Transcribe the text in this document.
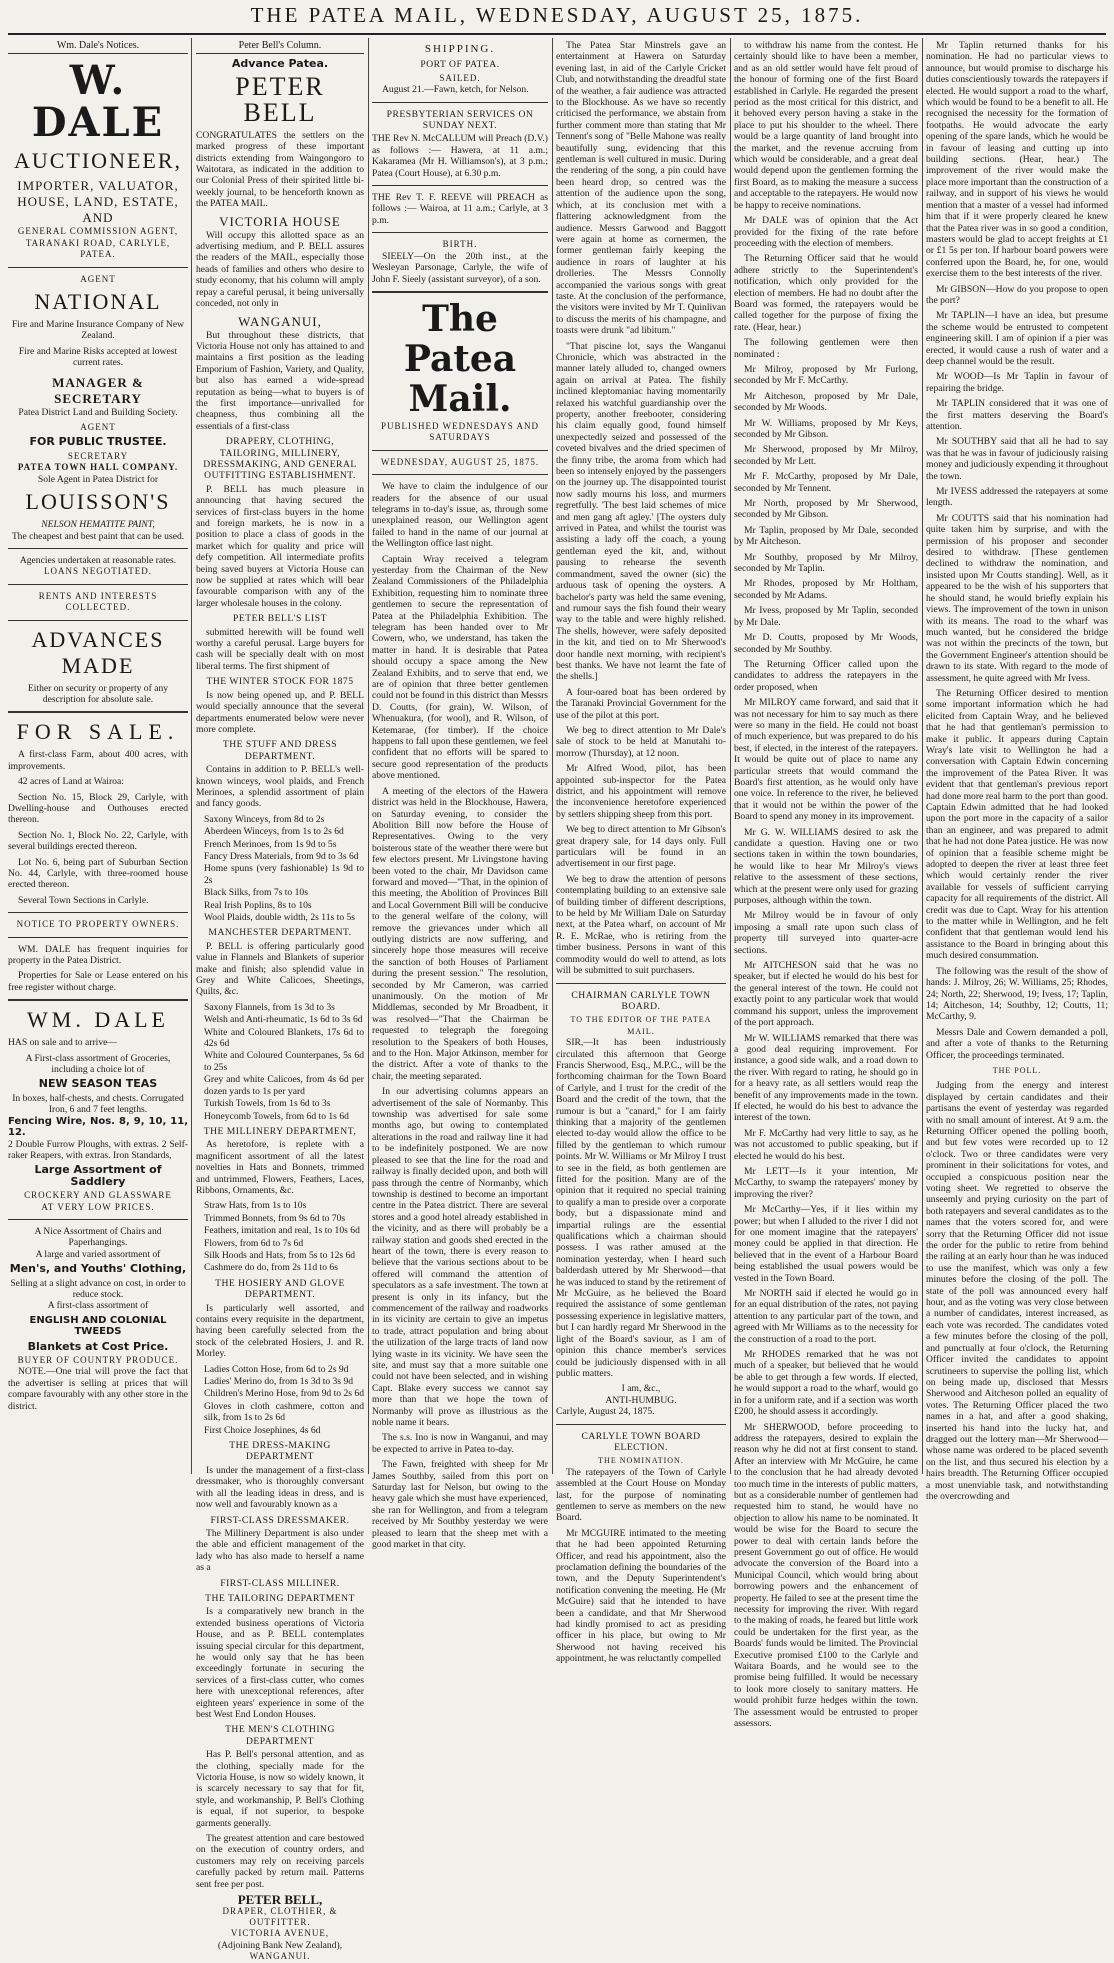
THE PATEA MAIL, WEDNESDAY, AUGUST 25, 1875.
Wm. Dale's Notices.
W. DALE
AUCTIONEER,
IMPORTER, VALUATOR,
HOUSE, LAND, ESTATE, AND
GENERAL COMMISSION AGENT,
TARANAKI ROAD, CARLYLE, PATEA.
AGENT
NATIONAL
Fire and Marine Insurance Company of New Zealand.
Fire and Marine Risks accepted at lowest current rates.
MANAGER & SECRETARY
Patea District Land and Building Society.
AGENT
FOR PUBLIC TRUSTEE.
SECRETARY
PATEA TOWN HALL COMPANY.
Sole Agent in Patea District for
LOUISSON'S
NELSON HEMATITE PAINT,
The cheapest and best paint that can be used.
Agencies undertaken at reasonable rates.
LOANS NEGOTIATED.
RENTS AND INTERESTS COLLECTED.
ADVANCES MADE
Either on security or property of any description for absolute sale.
FOR SALE.

A first-class Farm, about 400 acres, with improvements.

42 acres of Land at Wairoa:

Section No. 15, Block 29, Carlyle, with Dwelling-house and Outhouses erected thereon.

Section No. 1, Block No. 22, Carlyle, with several buildings erected thereon.

Lot No. 6, being part of Suburban Section No. 44, Carlyle, with three-roomed house erected thereon.

Several Town Sections in Carlyle.

NOTICE TO PROPERTY OWNERS.

WM. DALE has frequent inquiries for property in the Patea District.

Properties for Sale or Lease entered on his free register without charge.

WM. DALE

HAS on sale and to arrive—

A First-class assortment of Groceries, including a choice lot of
NEW SEASON TEAS
In boxes, half-chests, and chests. Corrugated Iron, 6 and 7 feet lengths.
Fencing Wire, Nos. 8, 9, 10, 11, 12.
2 Double Furrow Ploughs, with extras. 2 Self-raker Reapers, with extras. Iron Standards,
Large Assortment of Saddlery
CROCKERY AND GLASSWARE
AT VERY LOW PRICES.
A Nice Assortment of Chairs and Paperhangings.
A large and varied assortment of
Men's, and Youths' Clothing,
Selling at a slight advance on cost, in order to reduce stock.
A first-class assortment of
ENGLISH AND COLONIAL TWEEDS
Blankets at Cost Price.
BUYER OF COUNTRY PRODUCE.

NOTE.—One trial will prove the fact that the advertiser is selling at prices that will compare favourably with any other store in the district.

Peter Bell's Column.
Advance Patea.
PETER BELL

CONGRATULATES the settlers on the marked progress of these important districts extending from Waingongoro to Waitotara, as indicated in the addition to our Colonial Press of their spirited little bi-weekly journal, to be henceforth known as the PATEA MAIL.

VICTORIA HOUSE

Will occupy this allotted space as an advertising medium, and P. BELL assures the readers of the MAIL, especially those heads of families and others who desire to study economy, that his column will amply repay a careful perusal, it being universally conceded, not only in

WANGANUI,

But throughout these districts, that Victoria House not only has attained to and maintains a first position as the leading Emporium of Fashion, Variety, and Quality, but also has earned a wide-spread reputation as being—what to buyers is of the first importance—unrivalled for cheapness, thus combining all the essentials of a first-class

DRAPERY, CLOTHING, TAILORING, MILLINERY, DRESSMAKING, AND GENERAL OUTFITTING ESTABLISHMENT.

P. BELL has much pleasure in announcing that having secured the services of first-class buyers in the home and foreign markets, he is now in a position to place a class of goods in the market which for quality and price will defy competition. All intermediate profits being saved buyers at Victoria House can now be supplied at rates which will bear favourable comparison with any of the larger wholesale houses in the colony.

PETER BELL'S LIST

submitted herewith will be found well worthy a careful perusal. Large buyers for cash will be specially dealt with on most liberal terms. The first shipment of

THE WINTER STOCK FOR 1875

Is now being opened up, and P. BELL would specially announce that the several departments enumerated below were never more complete.

THE STUFF AND DRESS DEPARTMENT.

Contains in addition to P. BELL's well-known winceys, wool plaids, and French Merinoes, a splendid assortment of plain and fancy goods.

Saxony Winceys, from 8d to 2s
Aberdeen Winceys, from 1s to 2s 6d
French Merinoes, from 1s 9d to 5s
Fancy Dress Materials, from 9d to 3s 6d
Home spuns (very fashionable) 1s 9d to 2s
Black Silks, from 7s to 10s
Real Irish Poplins, 8s to 10s
Wool Plaids, double width, 2s 11s to 5s
MANCHESTER DEPARTMENT.

P. BELL is offering particularly good value in Flannels and Blankets of superior make and finish; also splendid value in Grey and White Calicoes, Sheetings, Quilts, &c.

Saxony Flannels, from 1s 3d to 3s
Welsh and Anti-rheumatic, 1s 6d to 3s 6d
White and Coloured Blankets, 17s 6d to 42s 6d
White and Coloured Counterpanes, 5s 6d to 25s
Grey and white Calicoes, from 4s 6d per dozen yards to 1s per yard
Turkish Towels, from 1s 6d to 3s
Honeycomb Towels, from 6d to 1s 6d
THE MILLINERY DEPARTMENT,

As heretofore, is replete with a magnificent assortment of all the latest novelties in Hats and Bonnets, trimmed and untrimmed, Flowers, Feathers, Laces, Ribbons, Ornaments, &c.

Straw Hats, from 1s to 10s
Trimmed Bonnets, from 9s 6d to 70s
Feathers, imitation and real, 1s to 10s 6d
Flowers, from 6d to 7s 6d
Silk Hoods and Hats, from 5s to 12s 6d
Cashmere do do, from 2s 11d to 6s
THE HOSIERY AND GLOVE DEPARTMENT.

Is particularly well assorted, and contains every requisite in the department, having been carefully selected from the stock of the celebrated Hosiers, J. and R. Morley.

Ladies Cotton Hose, from 6d to 2s 9d
Ladies' Merino do, from 1s 3d to 3s 9d
Children's Merino Hose, from 9d to 2s 6d
Gloves in cloth cashmere, cotton and silk, from 1s to 2s 6d
First Choice Josephines, 4s 6d
THE DRESS-MAKING DEPARTMENT

Is under the management of a first-class dressmaker, who is thoroughly conversant with all the leading ideas in dress, and is now well and favourably known as a

FIRST-CLASS DRESSMAKER.

The Millinery Department is also under the able and efficient management of the lady who has also made to herself a name as a

FIRST-CLASS MILLINER.
THE TAILORING DEPARTMENT

Is a comparatively new branch in the extended business operations of Victoria House, and as P. BELL contemplates issuing special circular for this department, he would only say that he has been exceedingly fortunate in securing the services of a first-class cutter, who comes here with unexceptional references, after eighteen years' experience in some of the best West End London Houses.

THE MEN'S CLOTHING DEPARTMENT

Has P. Bell's personal attention, and as the clothing, specially made for the Victoria House, is now so widely known, it is scarcely necessary to say that for fit, style, and workmanship, P. Bell's Clothing is equal, if not superior, to bespoke garments generally.

The greatest attention and care bestowed on the execution of country orders, and customers may rely on receiving parcels carefully packed by return mail. Patterns sent free per post.

PETER BELL,
DRAPER, CLOTHIER, & OUTFITTER.
VICTORIA AVENUE,
(Adjoining Bank New Zealand),
WANGANUI.
SHIPPING.
PORT OF PATEA.
SAILED.

August 21.—Fawn, ketch, for Nelson.

PRESBYTERIAN SERVICES ON SUNDAY NEXT.

THE Rev N. McCALLUM will Preach (D.V.) as follows :— Hawera, at 11 a.m.; Kakaramea (Mr H. Williamson's), at 3 p.m.; Patea (Court House), at 6.30 p.m.

THE Rev T. F. REEVE will PREACH as follows :— Wairoa, at 11 a.m.; Carlyle, at 3 p.m.

BIRTH.

SIEELY—On the 20th inst., at the Wesleyan Parsonage, Carlyle, the wife of John F. Sieely (assistant surveyor), of a son.

The Patea Mail.
PUBLISHED WEDNESDAYS AND SATURDAYS
WEDNESDAY, AUGUST 25, 1875.

We have to claim the indulgence of our readers for the absence of our usual telegrams in to-day's issue, as, through some unexplained reason, our Wellington agent failed to hand in the name of our journal at the Wellington office last night.

Captain Wray received a telegram yesterday from the Chairman of the New Zealand Commissioners of the Philadelphia Exhibition, requesting him to nominate three gentlemen to secure the representation of Patea at the Philadelphia Exhibition. The telegram has been handed over to Mr Cowern, who, we understand, has taken the matter in hand. It is desirable that Patea should occupy a space among the New Zealand Exhibits, and to serve that end, we are of opinion that three better gentlemen could not be found in this district than Messrs D. Coutts, (for grain), W. Wilson, of Whenuakura, (for wool), and R. Wilson, of Ketemarae, (for timber). If the choice happens to fall upon these gentlemen, we feel confident that no efforts will be spared to secure good representation of the products above mentioned.

A meeting of the electors of the Hawera district was held in the Blockhouse, Hawera, on Saturday evening, to consider the Abolition Bill now before the House of Representatives. Owing to the very boisterous state of the weather there were but few electors present. Mr Livingstone having been voted to the chair, Mr Davidson came forward and moved—"That, in the opinion of this meeting, the Abolition of Provinces Bill and Local Government Bill will be conducive to the general welfare of the colony, will remove the grievances under which all outlying districts are now suffering, and sincerely hope those measures will receive the sanction of both Houses of Parliament during the present session." The resolution, seconded by Mr Cameron, was carried unanimously. On the motion of Mr Middlemas, seconded by Mr Broadbent, it was resolved—"That the Chairman be requested to telegraph the foregoing resolution to the Speakers of both Houses, and to the Hon. Major Atkinson, member for the district. After a vote of thanks to the chair, the meeting separated.

In our advertising columns appears an advertisement of the sale of Normanby. This township was advertised for sale some months ago, but owing to contemplated alterations in the road and railway line it had to be indefinitely postponed. We are now pleased to see that the line for the road and railway is finally decided upon, and both will pass through the centre of Normanby, which township is destined to become an important centre in the Patea district. There are several stores and a good hotel already established in the vicinity, and as there will probably be a railway station and goods shed erected in the heart of the town, there is every reason to believe that the various sections about to be offered will command the attention of speculators as a safe investment. The town at present is only in its infancy, but the commencement of the railway and roadworks in its vicinity are certain to give an impetus to trade, attract population and bring about the utilization of the large tracts of land now lying waste in its vicinity. We have seen the site, and must say that a more suitable one could not have been selected, and in wishing Capt. Blake every success we cannot say more than that we hope the town of Normanby will prove as illustrious as the noble name it bears.

The s.s. Ino is now in Wanganui, and may be expected to arrive in Patea to-day.

The Fawn, freighted with sheep for Mr James Southby, sailed from this port on Saturday last for Nelson, but owing to the heavy gale which she must have experienced, she ran for Wellington, and from a telegram received by Mr Southby yesterday we were pleased to learn that the sheep met with a good market in that city.

The Patea Star Minstrels gave an entertainment at Hawera on Saturday evening last, in aid of the Carlyle Cricket Club, and notwithstanding the dreadful state of the weather, a fair audience was attracted to the Blockhouse. As we have so recently criticised the performance, we abstain from further comment more than stating that Mr Tennent's song of "Belle Mahone was really beautifully sung, evidencing that this gentleman is well cultured in music. During the rendering of the song, a pin could have been heard drop, so centred was the attention of the audience upon the song, which, at its conclusion met with a flattering acknowledgment from the audience. Messrs Garwood and Baggott were again at home as cornermen, the former gentleman fairly keeping the audience in roars of laughter at his drolleries. The Messrs Connolly accompanied the various songs with great taste. At the conclusion of the performance, the visitors were invited by Mr T. Quinlivan to discuss the merits of his champagne, and toasts were drunk "ad libitum."

"That piscine lot, says the Wanganui Chronicle, which was abstracted in the manner lately alluded to, changed owners again on arrival at Patea. The fishily inclined kleptomaniac having momentarily relaxed his watchful guardianship over the property, another freebooter, considering his claim equally good, found himself unexpectedly seized and possessed of the coveted bivalves and the dried specimen of the finny tribe, the aroma from which had been so intensely enjoyed by the passengers on the journey up. The disappointed tourist now sadly mourns his loss, and murmers regretfully. 'The best laid schemes of mice and men gang aft agley.' [The oysters duly arrived in Patea, and whilst the tourist was assisting a lady off the coach, a young gentleman eyed the kit, and, without pausing to rehearse the seventh commandment, saved the owner (sic) the arduous task of opening the oysters. A bachelor's party was held the same evening, and rumour says the fish found their weary way to the table and were highly relished. The shells, however, were safely deposited in the kit, and tied on to Mr Sherwood's door handle next morning, with recipient's best thanks. We have not learnt the fate of the shells.]

A four-oared boat has been ordered by the Taranaki Provincial Government for the use of the pilot at this port.

We beg to direct attention to Mr Dale's sale of stock to be held at Manutahi to-morrow (Thursday), at 12 noon.

Mr Alfred Wood, pilot, has been appointed sub-inspector for the Patea district, and his appointment will remove the inconvenience heretofore experienced by settlers shipping sheep from this port.

We beg to direct attention to Mr Gibson's great drapery sale, for 14 days only. Full particulars will be found in an advertisement in our first page.

We beg to draw the attention of persons contemplating building to an extensive sale of building timber of different descriptions, to be held by Mr William Dale on Saturday next, at the Patea wharf, on account of Mr R. E. McRae, who is retiring from the timber business. Persons in want of this commodity would do well to attend, as lots will be submitted to suit purchasers.

CHAIRMAN CARLYLE TOWN BOARD.
TO THE EDITOR OF THE PATEA MAIL.

SIR,—It has been industriously circulated this afternoon that George Francis Sherwood, Esq., M.P.C., will be the forthcoming chairman for the Town Board of Carlyle, and I trust for the credit of the Board and the credit of the town, that the rumour is but a "canard," for I am fairly thinking that a majority of the gentlemen elected to-day would allow the office to be filled by the gentleman to which rumour points. Mr W. Williams or Mr Milroy I trust to see in the field, as both gentlemen are fitted for the position. Many are of the opinion that it required no special training to qualify a man to preside over a corporate body, but a dispassionate mind and impartial rulings are the essential qualifications which a chairman should possess. I was rather amused at the nomination yesterday, when I heard such balderdash uttered by Mr Sherwood—that he was induced to stand by the retirement of Mr McGuire, as he believed the Board required the assistance of some gentleman possessing experience in legislative matters, but I can hardly regard Mr Sherwood in the light of the Board's saviour, as I am of opinion this chance member's services could be judiciously dispensed with in all public matters.

I am, &c.,
ANTI-HUMBUG.
Carlyle, August 24, 1875.
CARLYLE TOWN BOARD ELECTION.
THE NOMINATION.

The ratepayers of the Town of Carlyle assembled at the Court House on Monday last, for the purpose of nominating gentlemen to serve as members on the new Board.

Mr MCGUIRE intimated to the meeting that he had been appointed Returning Officer, and read his appointment, also the proclamation defining the boundaries of the town, and the Deputy Superintendent's notification convening the meeting. He (Mr McGuire) said that he intended to have been a candidate, and that Mr Sherwood had kindly promised to act as presiding officer in his place, but owing to Mr Sherwood not having received his appointment, he was reluctantly compelled

to withdraw his name from the contest. He certainly should like to have been a member, and as an old settler would have felt proud of the honour of forming one of the first Board established in Carlyle. He regarded the present period as the most critical for this district, and it behoved every person having a stake in the place to put his shoulder to the wheel. There would be a large quantity of land brought into the market, and the revenue accruing from which would be considerable, and a great deal would depend upon the gentlemen forming the first Board, as to making the measure a success and acceptable to the ratepayers. He would now be happy to receive nominations.

Mr DALE was of opinion that the Act provided for the fixing of the rate before proceeding with the election of members.

The Returning Officer said that he would adhere strictly to the Superintendent's notification, which only provided for the election of members. He had no doubt after the Board was formed, the ratepayers would be called together for the purpose of fixing the rate. (Hear, hear.)

The following gentlemen were then nominated :

Mr Milroy, proposed by Mr Furlong, seconded by Mr F. McCarthy.

Mr Aitcheson, proposed by Mr Dale, seconded by Mr Woods.

Mr W. Williams, proposed by Mr Keys, seconded by Mr Gibson.

Mr Sherwood, proposed by Mr Milroy, seconded by Mr Lett.

Mr F. McCarthy, proposed by Mr Dale, seconded by Mr Tennent.

Mr North, proposed by Mr Sherwood, seconded by Mr Gibson.

Mr Taplin, proposed by Mr Dale, seconded by Mr Aitcheson.

Mr Southby, proposed by Mr Milroy, seconded by Mr Taplin.

Mr Rhodes, proposed by Mr Holtham, seconded by Mr Adams.

Mr Ivess, proposed by Mr Taplin, seconded by Mr Dale.

Mr D. Coutts, proposed by Mr Woods, seconded by Mr Southby.

The Returning Officer called upon the candidates to address the ratepayers in the order proposed, when

Mr MILROY came forward, and said that it was not necessary for him to say much as there were so many in the field. He could not boast of much experience, but was prepared to do his best, if elected, in the interest of the ratepayers. It would be quite out of place to name any particular streets that would command the Board's first attention, as he would only have one voice. In reference to the river, he believed that it would not be within the power of the Board to spend any money in its improvement.

Mr G. W. WILLIAMS desired to ask the candidate a question. Having one or two sections taken in within the town boundaries, he would like to hear Mr Milroy's views relative to the assessment of these sections, which at the present were only used for grazing purposes, although within the town.

Mr Milroy would be in favour of only imposing a small rate upon such class of property till surveyed into quarter-acre sections.

Mr AITCHESON said that he was no speaker, but if elected he would do his best for the general interest of the town. He could not exactly point to any particular work that would command his support, unless the improvement of the port approach.

Mr W. WILLIAMS remarked that there was a good deal requiring improvement. For instance, a good side walk, and a road down to the river. With regard to rating, he should go in for a heavy rate, as all settlers would reap the benefit of any improvements made in the town. If elected, he would do his best to advance the interest of the town.

Mr F. McCarthy had very little to say, as he was not accustomed to public speaking, but if elected he would do his best.

Mr LETT—Is it your intention, Mr McCarthy, to swamp the ratepayers' money by improving the river?

Mr McCarthy—Yes, if it lies within my power; but when I alluded to the river I did not for one moment imagine that the ratepayers' money could be applied in that direction. He believed that in the event of a Harbour Board being established the usual powers would be vested in the Town Board.

Mr NORTH said if elected he would go in for an equal distribution of the rates, not paying attention to any particular part of the town, and agreed with Mr Williams as to the necessity for the construction of a road to the port.

Mr RHODES remarked that he was not much of a speaker, but believed that he would be able to get through a few words. If elected, he would support a road to the wharf, would go in for a uniform rate, and if a section was worth £200, he should assess it accordingly.

Mr SHERWOOD, before proceeding to address the ratepayers, desired to explain the reason why he did not at first consent to stand. After an interview with Mr McGuire, he came to the conclusion that he had already devoted too much time in the interests of public matters, but as a considerable number of gentlemen had requested him to stand, he would have no objection to allow his name to be nominated. It would be wise for the Board to secure the power to deal with certain lands before the present Government go out of office. He would advocate the conversion of the Board into a Municipal Council, which would bring about borrowing powers and the enhancement of property. He failed to see at the present time the necessity for improving the river. With regard to the making of roads, he feared but little work could be undertaken for the first year, as the Boards' funds would be limited. The Provincial Executive promised £100 to the Carlyle and Waitara Boards, and he would see to the promise being fulfilled. It would be necessary to look more closely to sanitary matters. He would prohibit furze hedges within the town. The assessment would be entrusted to proper assessors.

Mr Taplin returned thanks for his nomination. He had no particular views to announce, but would promise to discharge his duties conscientiously towards the ratepayers if elected. He would support a road to the wharf, which would be found to be a benefit to all. He recognised the necessity for the formation of footpaths. He would advocate the early opening of the spare lands, which he would be in favour of leasing and cutting up into building sections. (Hear, hear.) The improvement of the river would make the place more important than the construction of a railway, and in support of his views he would mention that a master of a vessel had informed him that if it were properly cleared he knew that the Patea river was in so good a condition, masters would be glad to accept freights at £1 or £1 5s per ton. If harbour board powers were conferred upon the Board, he, for one, would exercise them to the best interests of the river.

Mr GIBSON—How do you propose to open the port?

Mr TAPLIN—I have an idea, but presume the scheme would be entrusted to competent engineering skill. I am of opinion if a pier was erected, it would cause a rush of water and a deep channel would be the result.

Mr WOOD—Is Mr Taplin in favour of repairing the bridge.

Mr TAPLIN considered that it was one of the first matters deserving the Board's attention.

Mr SOUTHBY said that all he had to say was that he was in favour of judiciously raising money and judiciously expending it throughout the town.

Mr IVESS addressed the ratepayers at some length.

Mr COUTTS said that his nomination had quite taken him by surprise, and with the permission of his proposer and seconder desired to withdraw. [These gentlemen declined to withdraw the nomination, and insisted upon Mr Coutts standing]. Well, as it appeared to be the wish of his supporters that he should stand, he would briefly explain his views. The improvement of the town in unison with its means. The road to the wharf was much wanted, but he considered the bridge was not within the precincts of the town, but the Government Engineer's attention should be drawn to its state. With regard to the mode of assessment, he quite agreed with Mr Ivess.

The Returning Officer desired to mention some important information which he had elicited from Captain Wray, and he believed that he had that gentleman's permission to make it public. It appears during Captain Wray's late visit to Wellington he had a conversation with Captain Edwin concerning the improvement of the Patea River. It was evident that that gentleman's previous report had done more real harm to the port than good. Captain Edwin admitted that he had looked upon the port more in the capacity of a sailor than an engineer, and was prepared to admit that he had not done Patea justice. He was now of opinion that a feasible scheme might be adopted to deepen the river at least three feet which would certainly render the river available for vessels of sufficient carrying capacity for all requirements of the district. All credit was due to Capt. Wray for his attention to the matter while in Wellington, and he felt confident that that gentleman would lend his assistance to the Board in bringing about this much desired consummation.

The following was the result of the show of hands: J. Milroy, 26; W. Williams, 25; Rhodes, 24; North, 22; Sherwood, 19; Ivess, 17; Taplin, 14; Aitcheson, 14; Southby, 12; Coutts, 11; McCarthy, 9.

Messrs Dale and Cowern demanded a poll, and after a vote of thanks to the Returning Officer, the proceedings terminated.

THE POLL.

Judging from the energy and interest displayed by certain candidates and their partisans the event of yesterday was regarded with no small amount of interest. At 9 a.m. the Returning Officer opened the polling booth, and but few votes were recorded up to 12 o'clock. Two or three candidates were very prominent in their solicitations for votes, and occupied a conspicuous position near the voting sheet. We regretted to observe the unseemly and prying curiosity on the part of both ratepayers and several candidates as to the names that the voters scored for, and were sorry that the Returning Officer did not issue the order for the public to retire from behind the railing at an early hour than he was induced to use the manifest, which was only a few minutes before the closing of the poll. The state of the poll was announced every half hour, and as the voting was very close between a number of candidates, interest increased, as each vote was recorded. The candidates voted a few minutes before the closing of the poll, and punctually at four o'clock, the Returning Officer invited the candidates to appoint scrutineers to supervise the polling list, which on being made up, disclosed that Messrs Sherwood and Aitcheson polled an equality of votes. The Returning Officer placed the two names in a hat, and after a good shaking, inserted his hand into the lucky hat, and dragged out the lottery man—Mr Sherwood—whose name was ordered to be placed seventh on the list, and thus secured his election by a hairs breadth. The Returning Officer occupied a most unenviable task, and notwithstanding the overcrowding and
